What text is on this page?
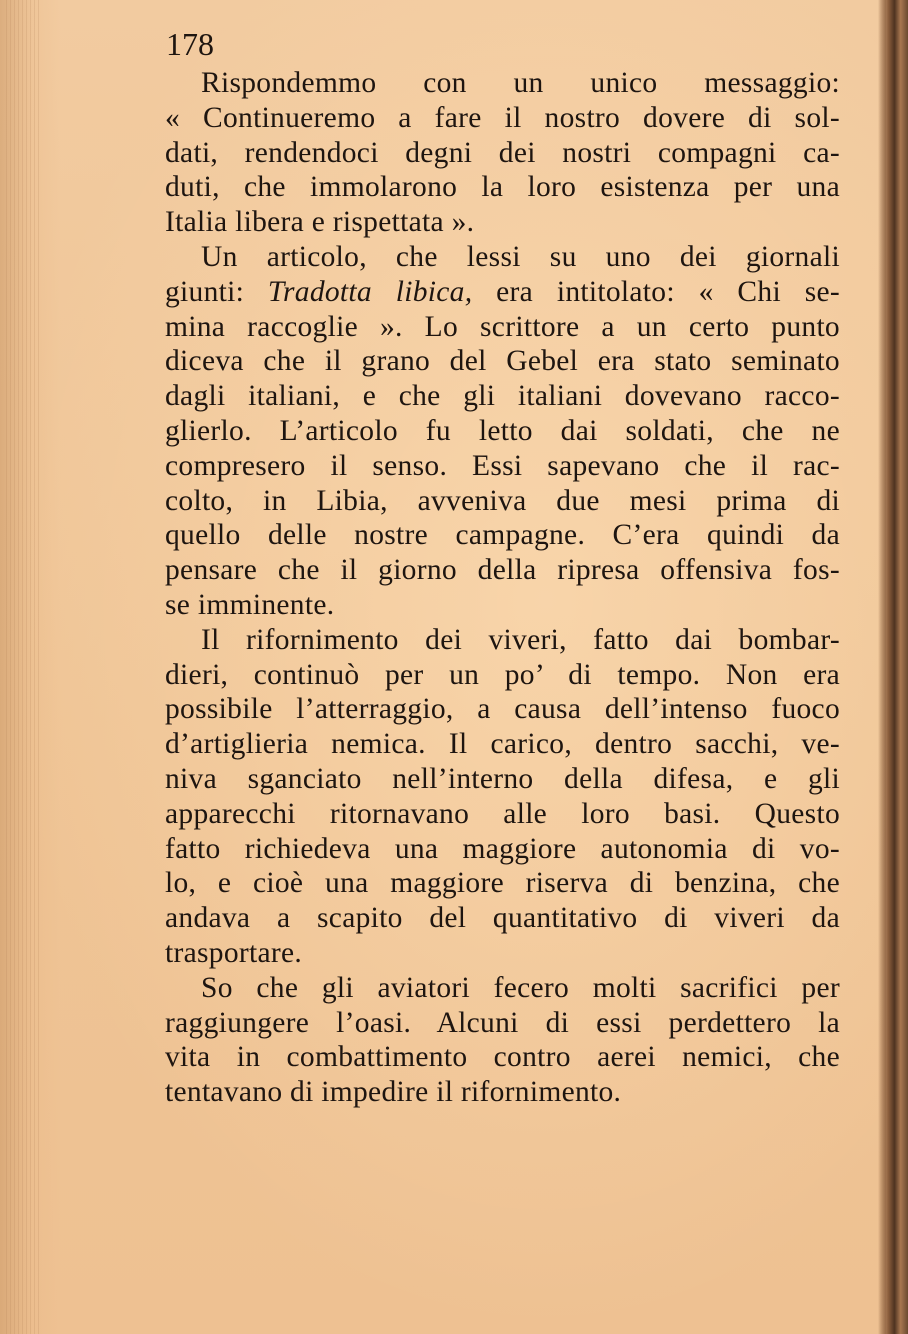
178
Rispondemmo con un unico messaggio:
« Continueremo a fare il nostro dovere di sol-
dati, rendendoci degni dei nostri compagni ca-
duti, che immolarono la loro esistenza per una
Italia libera e rispettata ».
Un articolo, che lessi su uno dei giornali
giunti: Tradotta libica, era intitolato: « Chi se-
mina raccoglie ». Lo scrittore a un certo punto
diceva che il grano del Gebel era stato seminato
dagli italiani, e che gli italiani dovevano racco-
glierlo. L’articolo fu letto dai soldati, che ne
compresero il senso. Essi sapevano che il rac-
colto, in Libia, avveniva due mesi prima di
quello delle nostre campagne. C’era quindi da
pensare che il giorno della ripresa offensiva fos-
se imminente.
Il rifornimento dei viveri, fatto dai bombar-
dieri, continuò per un po’ di tempo. Non era
possibile l’atterraggio, a causa dell’intenso fuoco
d’artiglieria nemica. Il carico, dentro sacchi, ve-
niva sganciato nell’interno della difesa, e gli
apparecchi ritornavano alle loro basi. Questo
fatto richiedeva una maggiore autonomia di vo-
lo, e cioè una maggiore riserva di benzina, che
andava a scapito del quantitativo di viveri da
trasportare.
So che gli aviatori fecero molti sacrifici per
raggiungere l’oasi. Alcuni di essi perdettero la
vita in combattimento contro aerei nemici, che
tentavano di impedire il rifornimento.
